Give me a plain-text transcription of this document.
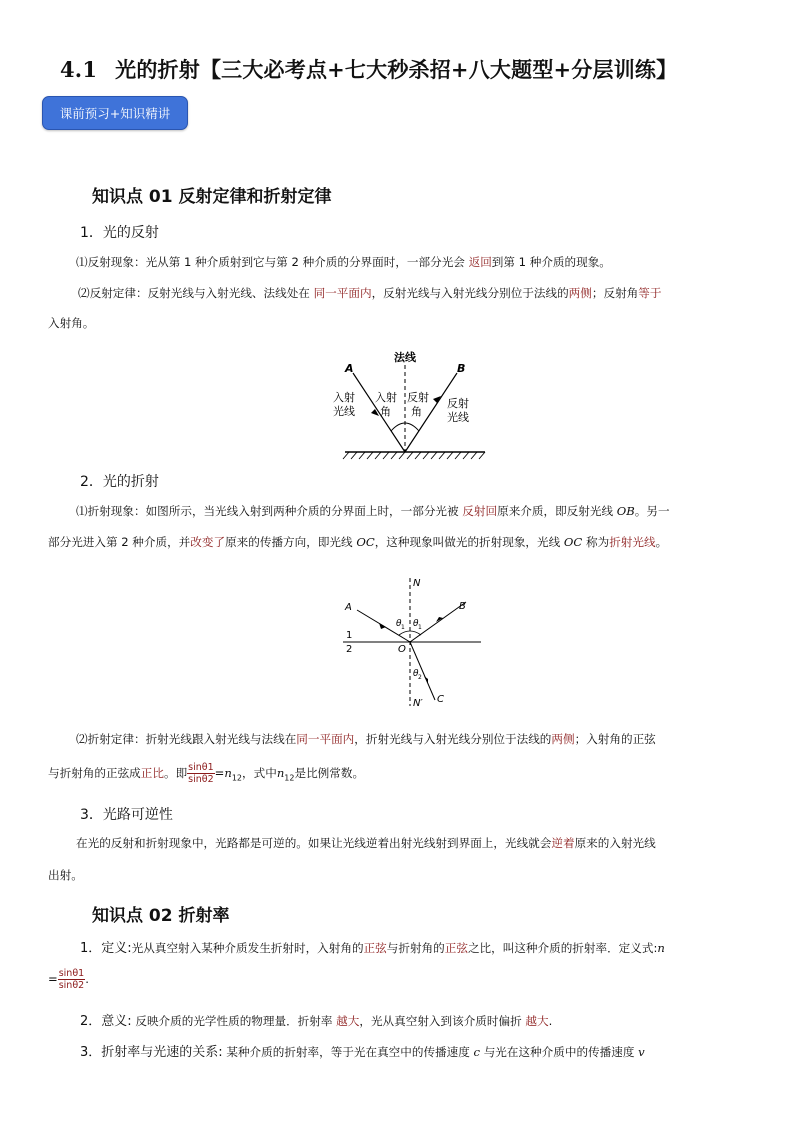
4.1 光的折射【三大必考点+七大秒杀招+八大题型+分层训练】
课前预习+知识精讲
知识点 01 反射定律和折射定律
1．光的反射
⑴反射现象：光从第 1 种介质射到它与第 2 种介质的分界面时，一部分光会 返回到第 1 种介质的现象。
⑵反射定律：反射光线与入射光线、法线处在 同一平面内，反射光线与入射光线分别位于法线的两侧；反射角等于
入射角。
法线
A	B
入射
光线
入射
角
反射
角
反射
光线
2．光的折射
⑴折射现象：如图所示，当光线入射到两种介质的分界面上时，一部分光被 反射回原来介质，即反射光线 OB。另一
部分光进入第 2 种介质，并改变了原来的传播方向，即光线 OC，这种现象叫做光的折射现象，光线 OC 称为折射光线。
N
A	B
O
C
N′
1
2
θ 1 θ 1
θ 2
⑵折射定律：折射光线跟入射光线与法线在同一平面内，折射光线与入射光线分别位于法线的两侧；入射角的正弦
与折射角的正弦成正比。即 $\frac{\sin\theta 1}{\sin\theta 2} =n_{12}$，式中$n_{12}$是比例常数。
3．光路可逆性
在光的反射和折射现象中，光路都是可逆的。如果让光线逆着出射光线射到界面上，光线就会逆着原来的入射光线
出射。
知识点 02 折射率
1．定义:光从真空射入某种介质发生折射时，入射角的正弦与折射角的正弦之比，叫这种介质的折射率．定义式:n
= $\frac{\sin\theta 1}{\sin\theta 2}$ .
2．意义: 反映介质的光学性质的物理量．折射率 越大，光从真空射入到该介质时偏折 越大.
3．折射率与光速的关系: 某种介质的折射率，等于光在真空中的传播速度 c 与光在这种介质中的传播速度 v
